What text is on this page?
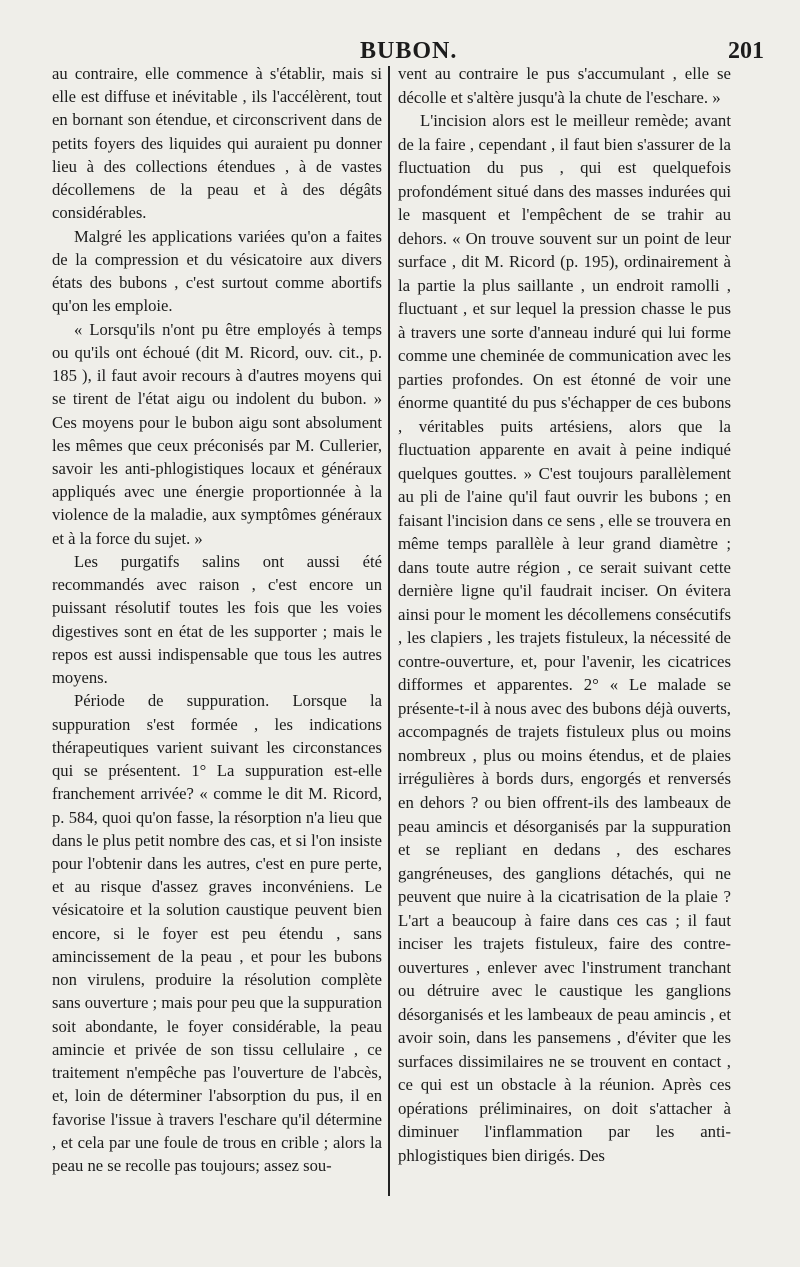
BUBON.	201

au contraire, elle commence à s'établir, mais si elle est diffuse et inévitable , ils l'accélèrent, tout en bornant son étendue, et circonscrivent dans de petits foyers des liquides qui auraient pu donner lieu à des collections étendues , à de vastes décollemens de la peau et à des dégâts considérables.

Malgré les applications variées qu'on a faites de la compression et du vésicatoire aux divers états des bubons , c'est surtout comme abortifs qu'on les emploie.

« Lorsqu'ils n'ont pu être employés à temps ou qu'ils ont échoué (dit M. Ricord, ouv. cit., p. 185 ), il faut avoir recours à d'autres moyens qui se tirent de l'état aigu ou indolent du bubon. » Ces moyens pour le bubon aigu sont absolument les mêmes que ceux préconisés par M. Cullerier, savoir les anti-phlogistiques locaux et généraux appliqués avec une énergie proportionnée à la violence de la maladie, aux symptômes généraux et à la force du sujet. »

Les purgatifs salins ont aussi été recommandés avec raison , c'est encore un puissant résolutif toutes les fois que les voies digestives sont en état de les supporter ; mais le repos est aussi indispensable que tous les autres moyens.

Période de suppuration. Lorsque la suppuration s'est formée , les indications thérapeutiques varient suivant les circonstances qui se présentent. 1° La suppuration est-elle franchement arrivée? « comme le dit M. Ricord, p. 584, quoi qu'on fasse, la résorption n'a lieu que dans le plus petit nombre des cas, et si l'on insiste pour l'obtenir dans les autres, c'est en pure perte, et au risque d'assez graves inconvéniens. Le vésicatoire et la solution caustique peuvent bien encore, si le foyer est peu étendu , sans amincissement de la peau , et pour les bubons non virulens, produire la résolution complète sans ouverture ; mais pour peu que la suppuration soit abondante, le foyer considérable, la peau amincie et privée de son tissu cellulaire , ce traitement n'empêche pas l'ouverture de l'abcès, et, loin de déterminer l'absorption du pus, il en favorise l'issue à travers l'eschare qu'il détermine , et cela par une foule de trous en crible ; alors la peau ne se recolle pas toujours; assez sou-

vent au contraire le pus s'accumulant , elle se décolle et s'altère jusqu'à la chute de l'eschare. »

L'incision alors est le meilleur remède; avant de la faire , cependant , il faut bien s'assurer de la fluctuation du pus , qui est quelquefois profondément situé dans des masses indurées qui le masquent et l'empêchent de se trahir au dehors. « On trouve souvent sur un point de leur surface , dit M. Ricord (p. 195), ordinairement à la partie la plus saillante , un endroit ramolli , fluctuant , et sur lequel la pression chasse le pus à travers une sorte d'anneau induré qui lui forme comme une cheminée de communication avec les parties profondes. On est étonné de voir une énorme quantité du pus s'échapper de ces bubons , véritables puits artésiens, alors que la fluctuation apparente en avait à peine indiqué quelques gouttes. » C'est toujours parallèlement au pli de l'aine qu'il faut ouvrir les bubons ; en faisant l'incision dans ce sens , elle se trouvera en même temps parallèle à leur grand diamètre ; dans toute autre région , ce serait suivant cette dernière ligne qu'il faudrait inciser. On évitera ainsi pour le moment les décollemens consécutifs , les clapiers , les trajets fistuleux, la nécessité de contre-ouverture, et, pour l'avenir, les cicatrices difformes et apparentes. 2° « Le malade se présente-t-il à nous avec des bubons déjà ouverts, accompagnés de trajets fistuleux plus ou moins nombreux , plus ou moins étendus, et de plaies irrégulières à bords durs, engorgés et renversés en dehors ? ou bien offrent-ils des lambeaux de peau amincis et désorganisés par la suppuration et se repliant en dedans , des eschares gangréneuses, des ganglions détachés, qui ne peuvent que nuire à la cicatrisation de la plaie ? L'art a beaucoup à faire dans ces cas ; il faut inciser les trajets fistuleux, faire des contre-ouvertures , enlever avec l'instrument tranchant ou détruire avec le caustique les ganglions désorganisés et les lambeaux de peau amincis , et avoir soin, dans les pansemens , d'éviter que les surfaces dissimilaires ne se trouvent en contact , ce qui est un obstacle à la réunion. Après ces opérations préliminaires, on doit s'attacher à diminuer l'inflammation par les anti-phlogistiques bien dirigés. Des
